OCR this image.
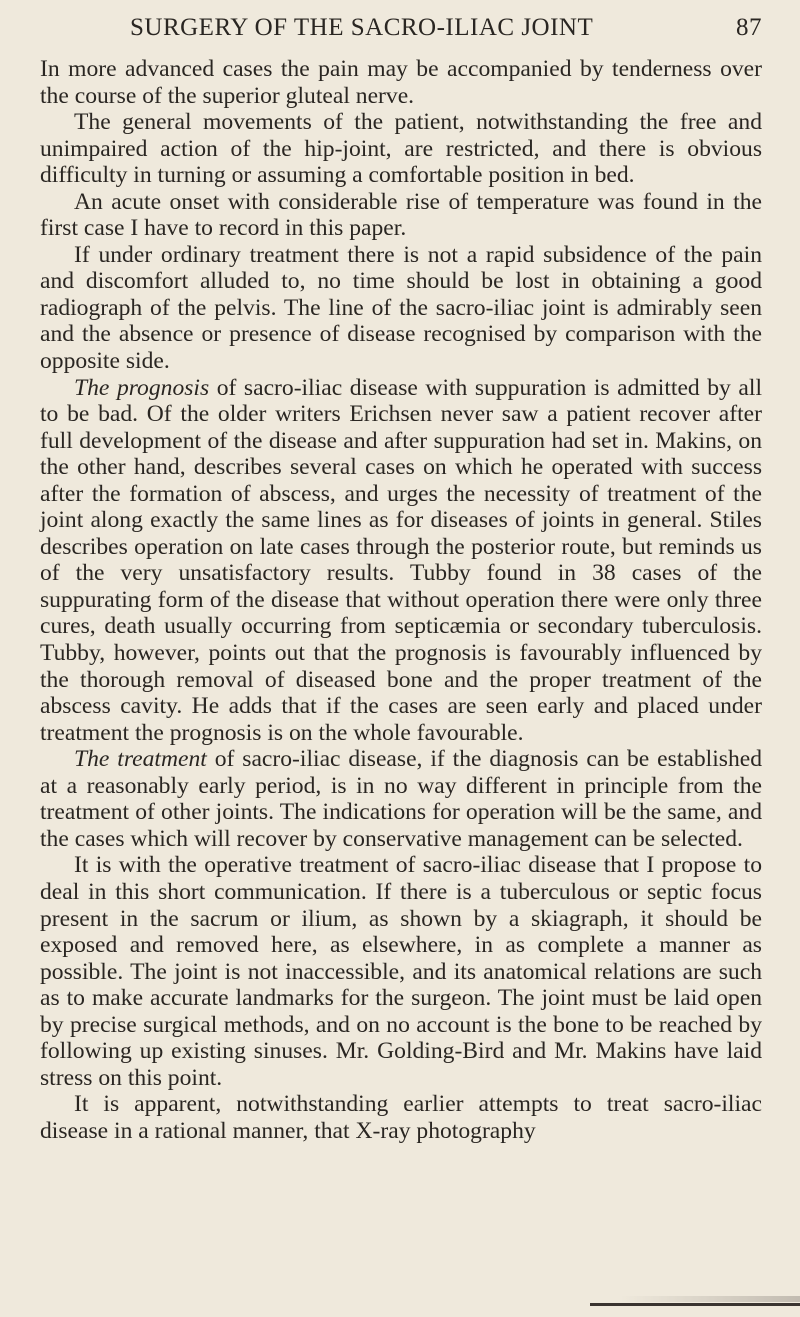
SURGERY OF THE SACRO-ILIAC JOINT	87

In more advanced cases the pain may be accompanied by tenderness over the course of the superior gluteal nerve.

The general movements of the patient, notwithstanding the free and unimpaired action of the hip-joint, are restricted, and there is obvious difficulty in turning or assuming a comfortable position in bed.

An acute onset with considerable rise of temperature was found in the first case I have to record in this paper.

If under ordinary treatment there is not a rapid subsidence of the pain and discomfort alluded to, no time should be lost in obtaining a good radiograph of the pelvis. The line of the sacro-iliac joint is admirably seen and the absence or presence of disease recognised by comparison with the opposite side.

The prognosis of sacro-iliac disease with suppuration is admitted by all to be bad. Of the older writers Erichsen never saw a patient recover after full development of the disease and after suppuration had set in. Makins, on the other hand, describes several cases on which he operated with success after the formation of abscess, and urges the necessity of treatment of the joint along exactly the same lines as for diseases of joints in general. Stiles describes operation on late cases through the posterior route, but reminds us of the very unsatisfactory results. Tubby found in 38 cases of the suppurating form of the disease that without operation there were only three cures, death usually occurring from septicæmia or secondary tuberculosis. Tubby, however, points out that the prognosis is favourably influenced by the thorough removal of diseased bone and the proper treatment of the abscess cavity. He adds that if the cases are seen early and placed under treatment the prognosis is on the whole favourable.

The treatment of sacro-iliac disease, if the diagnosis can be established at a reasonably early period, is in no way different in principle from the treatment of other joints. The indications for operation will be the same, and the cases which will recover by conservative management can be selected.

It is with the operative treatment of sacro-iliac disease that I propose to deal in this short communication. If there is a tuberculous or septic focus present in the sacrum or ilium, as shown by a skiagraph, it should be exposed and removed here, as elsewhere, in as complete a manner as possible. The joint is not inaccessible, and its anatomical relations are such as to make accurate landmarks for the surgeon. The joint must be laid open by precise surgical methods, and on no account is the bone to be reached by following up existing sinuses. Mr. Golding-Bird and Mr. Makins have laid stress on this point.

It is apparent, notwithstanding earlier attempts to treat sacro-iliac disease in a rational manner, that X-ray photography
